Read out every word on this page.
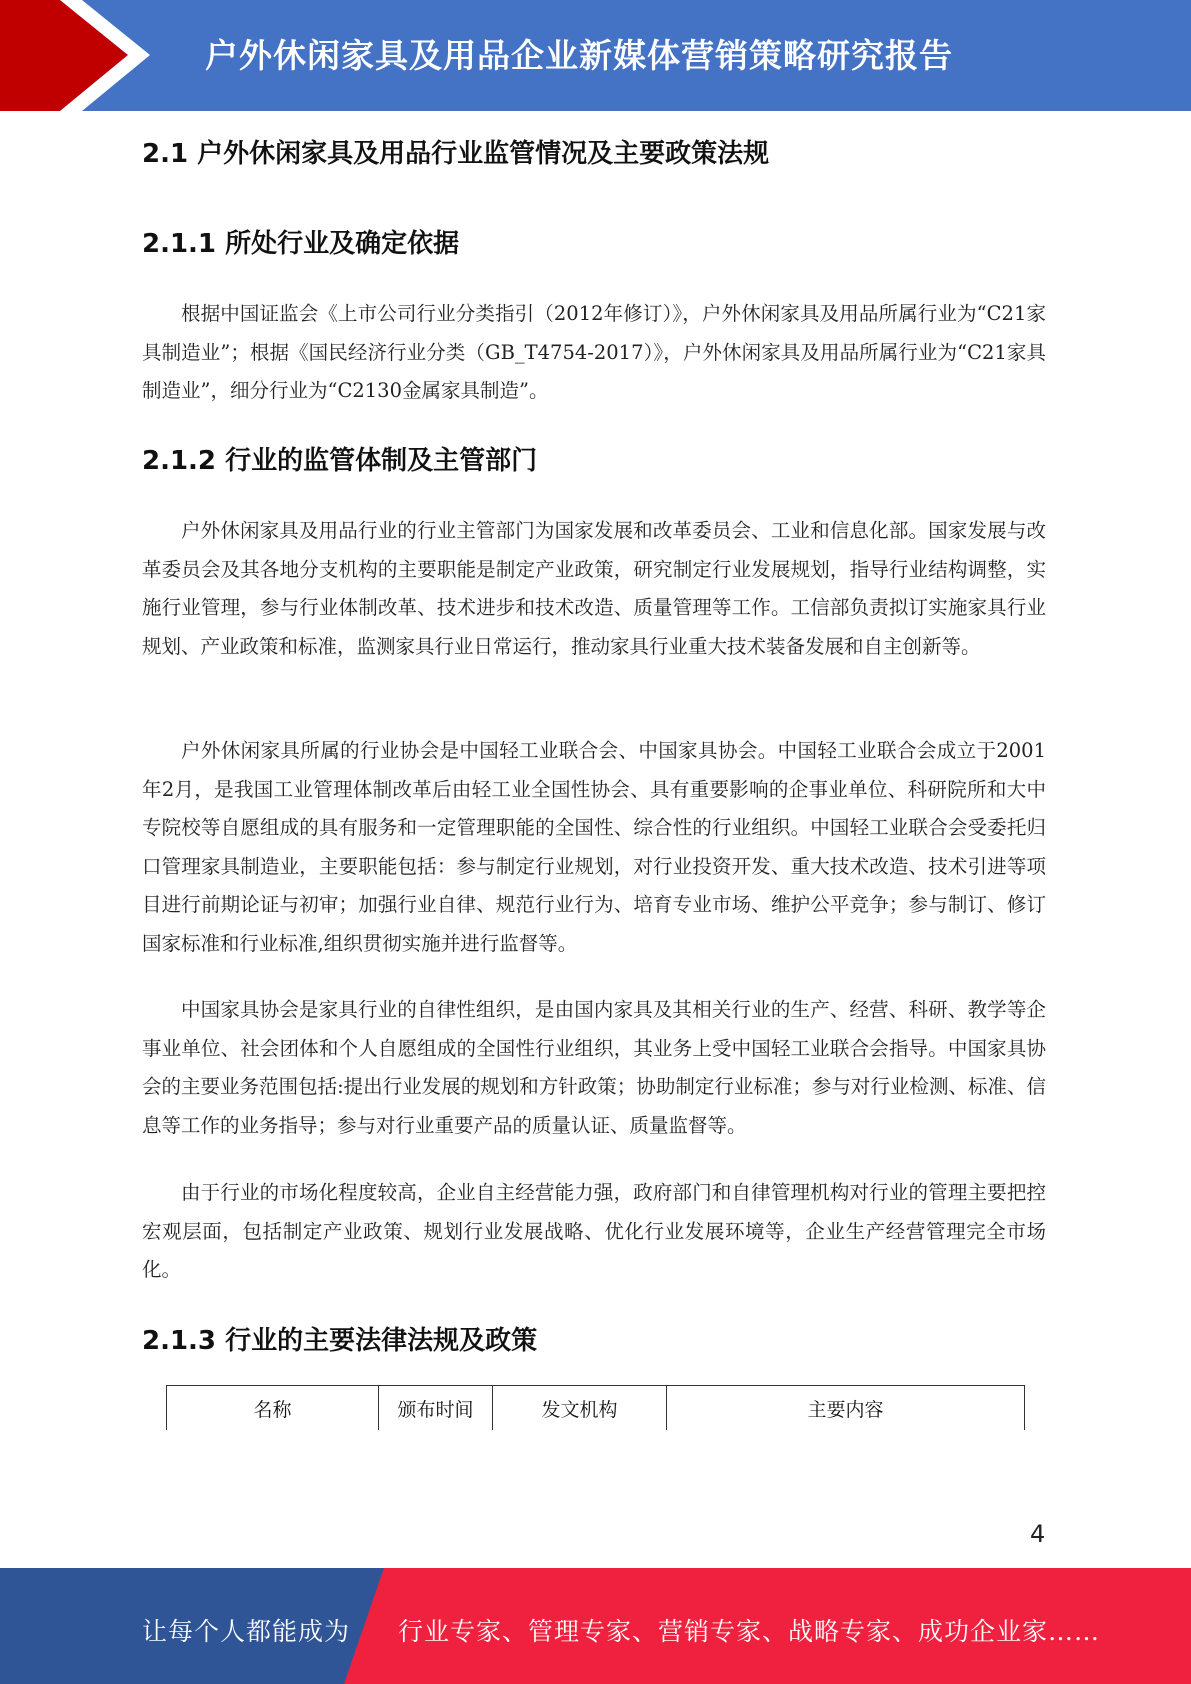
户外休闲家具及用品企业新媒体营销策略研究报告
2.1 户外休闲家具及用品行业监管情况及主要政策法规
2.1.1 所处行业及确定依据
根据中国证监会《上市公司行业分类指引（2012年修订）》，户外休闲家具及用品所属行业为“C21家具制造业”；根据《国民经济行业分类（GB_T4754-2017）》，户外休闲家具及用品所属行业为“C21家具制造业”，细分行业为“C2130金属家具制造”。
2.1.2 行业的监管体制及主管部门
户外休闲家具及用品行业的行业主管部门为国家发展和改革委员会、工业和信息化部。国家发展与改革委员会及其各地分支机构的主要职能是制定产业政策，研究制定行业发展规划，指导行业结构调整，实施行业管理，参与行业体制改革、技术进步和技术改造、质量管理等工作。工信部负责拟订实施家具行业规划、产业政策和标准，监测家具行业日常运行，推动家具行业重大技术装备发展和自主创新等。
户外休闲家具所属的行业协会是中国轻工业联合会、中国家具协会。中国轻工业联合会成立于2001年2月，是我国工业管理体制改革后由轻工业全国性协会、具有重要影响的企事业单位、科研院所和大中专院校等自愿组成的具有服务和一定管理职能的全国性、综合性的行业组织。中国轻工业联合会受委托归口管理家具制造业，主要职能包括：参与制定行业规划，对行业投资开发、重大技术改造、技术引进等项目进行前期论证与初审；加强行业自律、规范行业行为、培育专业市场、维护公平竞争；参与制订、修订国家标准和行业标准,组织贯彻实施并进行监督等。
中国家具协会是家具行业的自律性组织，是由国内家具及其相关行业的生产、经营、科研、教学等企事业单位、社会团体和个人自愿组成的全国性行业组织，其业务上受中国轻工业联合会指导。中国家具协会的主要业务范围包括:提出行业发展的规划和方针政策；协助制定行业标准；参与对行业检测、标准、信息等工作的业务指导；参与对行业重要产品的质量认证、质量监督等。
由于行业的市场化程度较高，企业自主经营能力强，政府部门和自律管理机构对行业的管理主要把控宏观层面，包括制定产业政策、规划行业发展战略、优化行业发展环境等，企业生产经营管理完全市场化。
2.1.3 行业的主要法律法规及政策
名称	颁布时间	发文机构	主要内容
4
让每个人都能成为 行业专家、管理专家、营销专家、战略专家、成功企业家……
